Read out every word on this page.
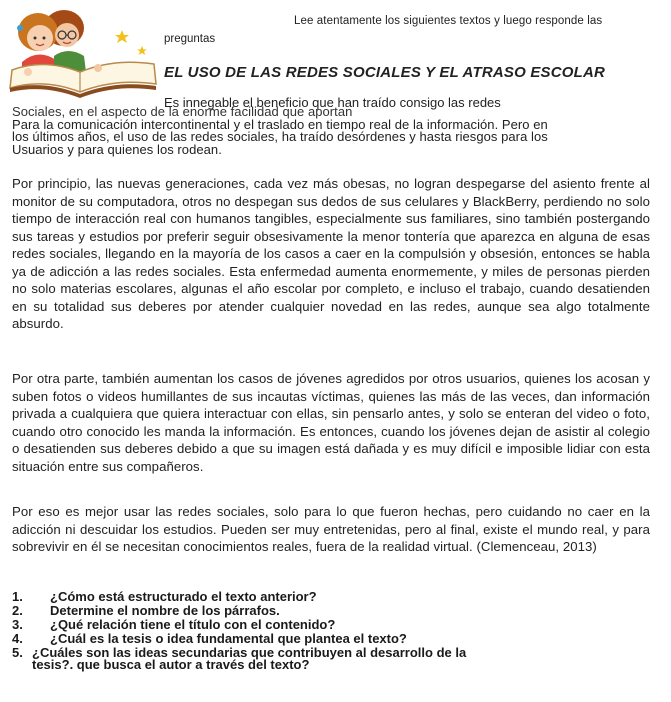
Lee atentamente los siguientes textos y luego responde las
preguntas
EL USO DE LAS REDES SOCIALES Y EL ATRASO ESCOLAR
Es innegable el beneficio que han traído consigo las redes
Sociales, en el aspecto de la enorme facilidad que aportan
Para la comunicación intercontinental y el traslado en tiempo real de la información. Pero en
los últimos años, el uso de las redes sociales, ha traído desórdenes y hasta riesgos para los
Usuarios y para quienes los rodean.
Por principio, las nuevas generaciones, cada vez más obesas, no logran despegarse del asiento frente al monitor de su computadora, otros no despegan sus dedos de sus celulares y BlackBerry, perdiendo no solo tiempo de interacción real con humanos tangibles, especialmente sus familiares, sino también postergando sus tareas y estudios por preferir seguir obsesivamente la menor tontería que aparezca en alguna de esas redes sociales, llegando en la mayoría de los casos a caer en la compulsión y obsesión, entonces se habla ya de adicción a las redes sociales. Esta enfermedad aumenta enormemente, y miles de personas pierden no solo materias escolares, algunas el año escolar por completo, e incluso el trabajo, cuando desatienden en su totalidad sus deberes por atender cualquier novedad en las redes, aunque sea algo totalmente absurdo.
Por otra parte, también aumentan los casos de jóvenes agredidos por otros usuarios, quienes los acosan y suben fotos o videos humillantes de sus incautas víctimas, quienes las más de las veces, dan información privada a cualquiera que quiera interactuar con ellas, sin pensarlo antes, y solo se enteran del video o foto, cuando otro conocido les manda la información. Es entonces, cuando los jóvenes dejan de asistir al colegio o desatienden sus deberes debido a que su imagen está dañada y es muy difícil e imposible lidiar con esta situación entre sus compañeros.
Por eso es mejor usar las redes sociales, solo para lo que fueron hechas, pero cuidando no caer en la adicción ni descuidar los estudios. Pueden ser muy entretenidas, pero al final, existe el mundo real, y para sobrevivir en él se necesitan conocimientos reales, fuera de la realidad virtual. (Clemenceau, 2013)
1.	¿Cómo está estructurado el texto anterior?
2.	Determine el nombre de los párrafos.
3.	¿Qué relación tiene el título con el contenido?
4.	¿Cuál es la tesis o idea fundamental que plantea el texto?
5. ¿Cuáles son las ideas secundarias que contribuyen al desarrollo de la
tesis?. que busca el autor a través del texto?
